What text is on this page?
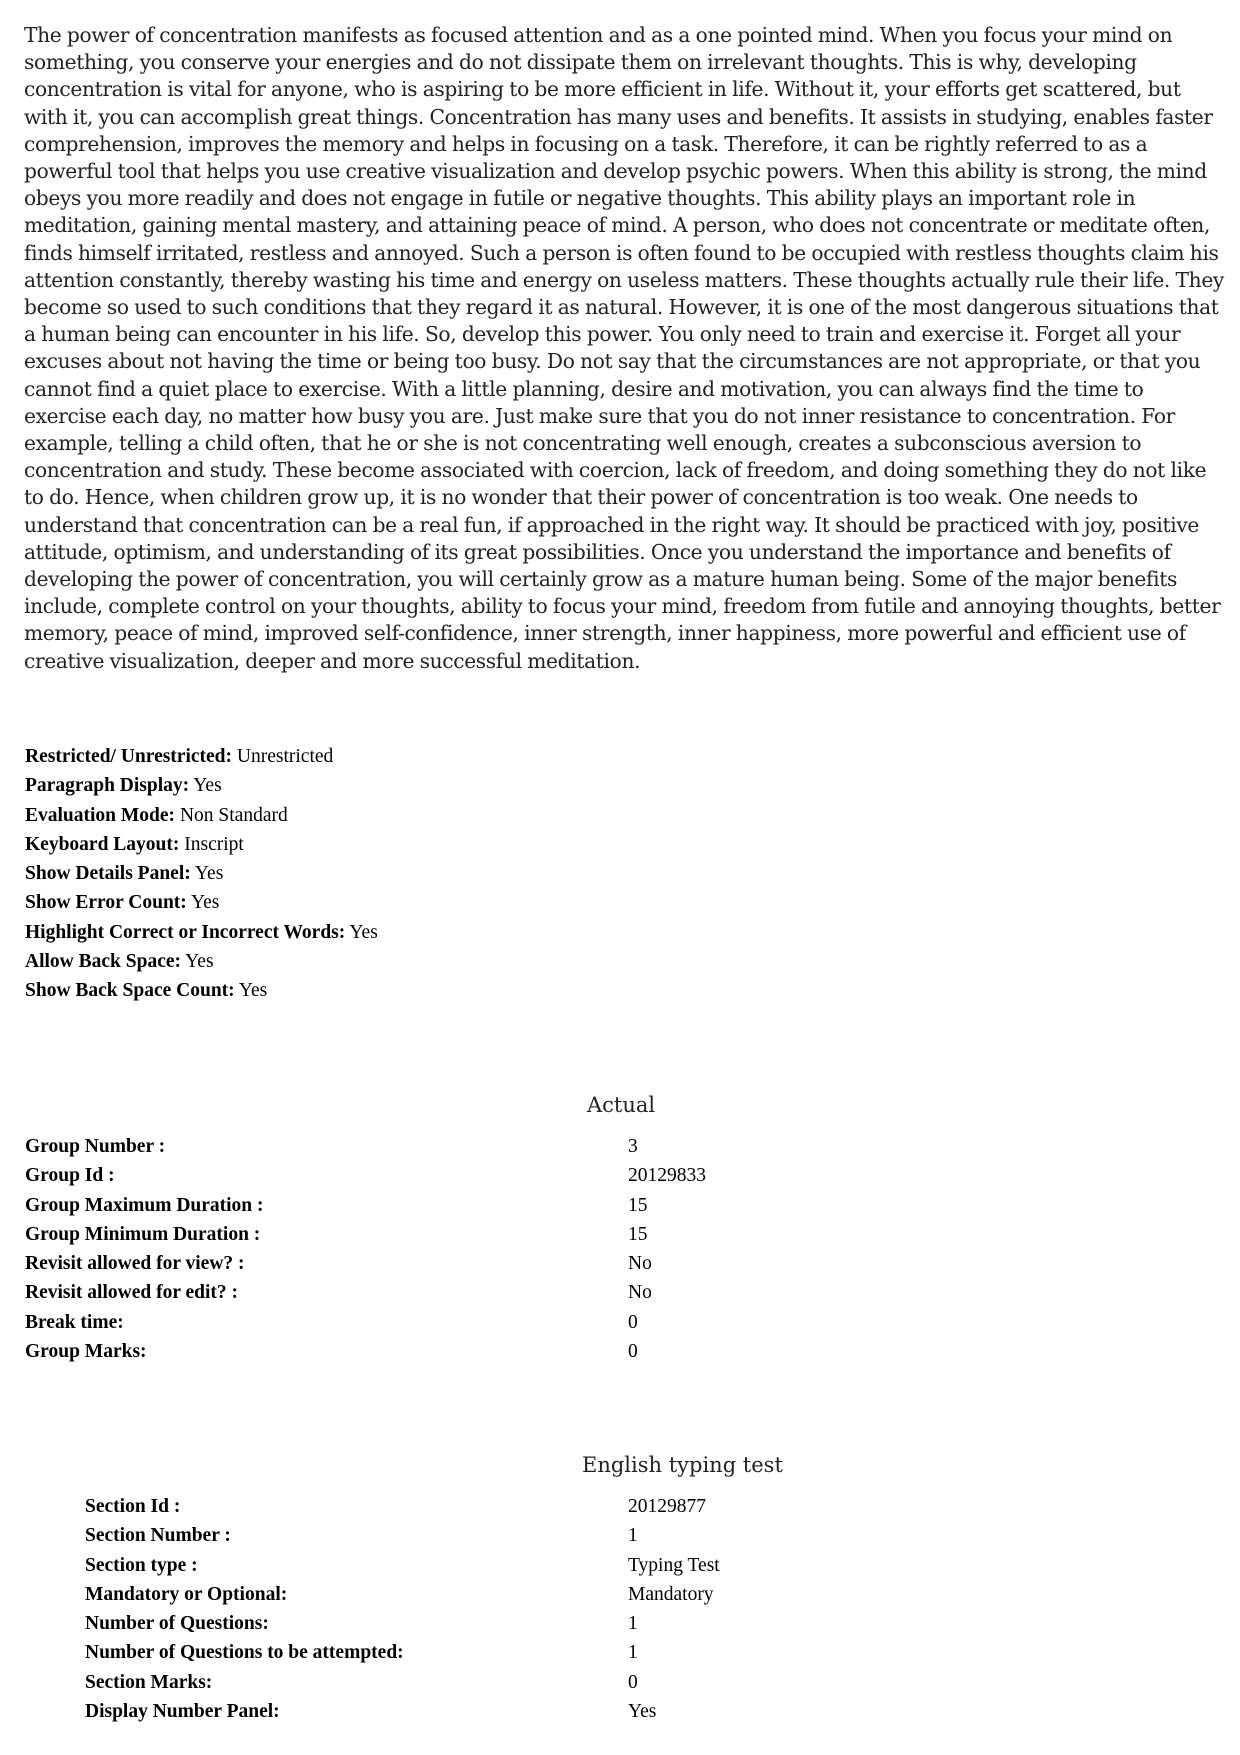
The power of concentration manifests as focused attention and as a one pointed mind. When you focus your mind on something, you conserve your energies and do not dissipate them on irrelevant thoughts. This is why, developing concentration is vital for anyone, who is aspiring to be more efficient in life. Without it, your efforts get scattered, but with it, you can accomplish great things. Concentration has many uses and benefits. It assists in studying, enables faster comprehension, improves the memory and helps in focusing on a task. Therefore, it can be rightly referred to as a powerful tool that helps you use creative visualization and develop psychic powers. When this ability is strong, the mind obeys you more readily and does not engage in futile or negative thoughts. This ability plays an important role in meditation, gaining mental mastery, and attaining peace of mind. A person, who does not concentrate or meditate often, finds himself irritated, restless and annoyed. Such a person is often found to be occupied with restless thoughts claim his attention constantly, thereby wasting his time and energy on useless matters. These thoughts actually rule their life. They become so used to such conditions that they regard it as natural. However, it is one of the most dangerous situations that a human being can encounter in his life. So, develop this power. You only need to train and exercise it. Forget all your excuses about not having the time or being too busy. Do not say that the circumstances are not appropriate, or that you cannot find a quiet place to exercise. With a little planning, desire and motivation, you can always find the time to exercise each day, no matter how busy you are. Just make sure that you do not inner resistance to concentration. For example, telling a child often, that he or she is not concentrating well enough, creates a subconscious aversion to concentration and study. These become associated with coercion, lack of freedom, and doing something they do not like to do. Hence, when children grow up, it is no wonder that their power of concentration is too weak. One needs to understand that concentration can be a real fun, if approached in the right way. It should be practiced with joy, positive attitude, optimism, and understanding of its great possibilities. Once you understand the importance and benefits of developing the power of concentration, you will certainly grow as a mature human being. Some of the major benefits include, complete control on your thoughts, ability to focus your mind, freedom from futile and annoying thoughts, better memory, peace of mind, improved self-confidence, inner strength, inner happiness, more powerful and efficient use of creative visualization, deeper and more successful meditation.

Restricted/ Unrestricted: Unrestricted
Paragraph Display: Yes
Evaluation Mode: Non Standard
Keyboard Layout: Inscript
Show Details Panel: Yes
Show Error Count: Yes
Highlight Correct or Incorrect Words: Yes
Allow Back Space: Yes
Show Back Space Count: Yes
Actual
Group Number :	3
Group Id :	20129833
Group Maximum Duration :	15
Group Minimum Duration :	15
Revisit allowed for view? :	No
Revisit allowed for edit? :	No
Break time:	0
Group Marks:	0
English typing test
Section Id :	20129877
Section Number :	1
Section type :	Typing Test
Mandatory or Optional:	Mandatory
Number of Questions:	1
Number of Questions to be attempted:	1
Section Marks:	0
Display Number Panel:	Yes
